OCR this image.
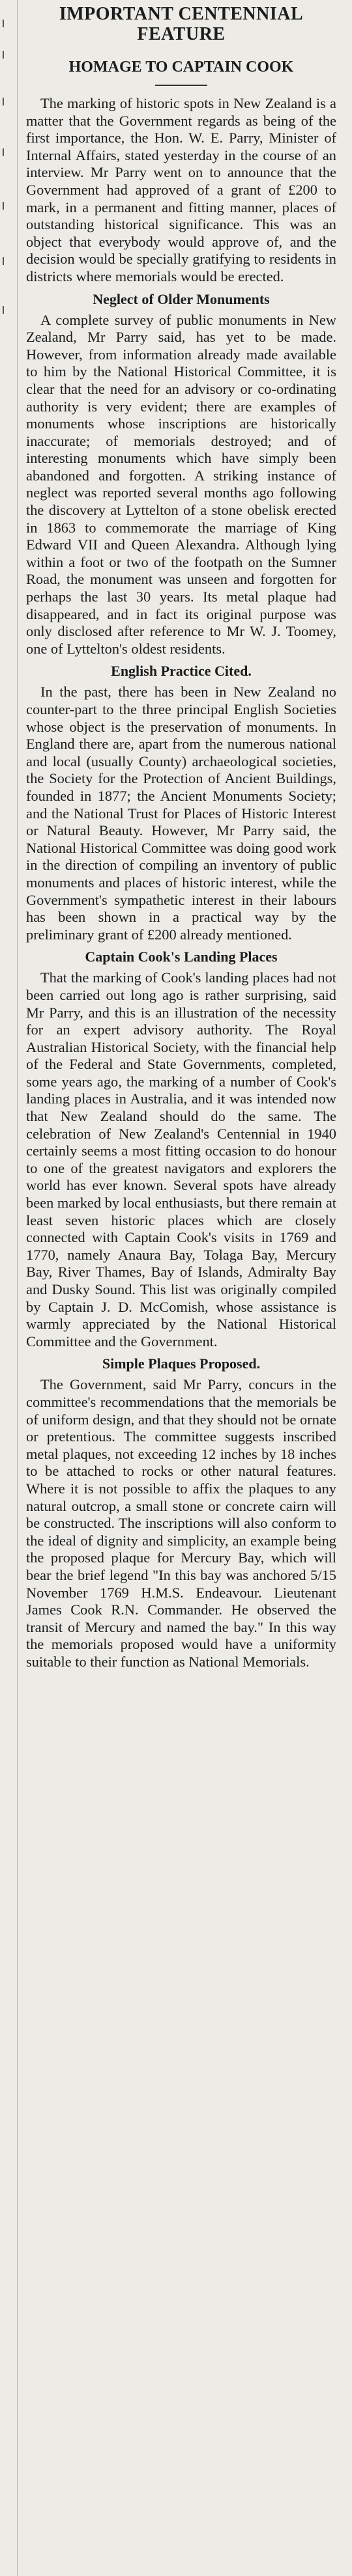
IMPORTANT CENTENNIAL FEATURE
HOMAGE TO CAPTAIN COOK

The marking of historic spots in New Zealand is a matter that the Government regards as being of the first importance, the Hon. W. E. Parry, Minister of Internal Affairs, stated yesterday in the course of an interview. Mr Parry went on to announce that the Government had approved of a grant of £200 to mark, in a permanent and fitting manner, places of outstanding historical significance. This was an object that everybody would approve of, and the decision would be specially gratifying to residents in districts where memorials would be erected.

Neglect of Older Monuments

A complete survey of public monuments in New Zealand, Mr Parry said, has yet to be made. However, from information already made available to him by the National Historical Committee, it is clear that the need for an advisory or co-ordinating authority is very evident; there are examples of monuments whose inscriptions are historically inaccurate; of memorials destroyed; and of interesting monuments which have simply been abandoned and forgotten. A striking instance of neglect was reported several months ago following the discovery at Lyttelton of a stone obelisk erected in 1863 to commemorate the marriage of King Edward VII and Queen Alexandra. Although lying within a foot or two of the footpath on the Sumner Road, the monument was unseen and forgotten for perhaps the last 30 years. Its metal plaque had disappeared, and in fact its original purpose was only disclosed after reference to Mr W. J. Toomey, one of Lyttelton's oldest residents.

English Practice Cited.

In the past, there has been in New Zealand no counter-part to the three principal English Societies whose object is the preservation of monuments. In England there are, apart from the numerous national and local (usually County) archaeological societies, the Society for the Protection of Ancient Buildings, founded in 1877; the Ancient Monuments Society; and the National Trust for Places of Historic Interest or Natural Beauty. However, Mr Parry said, the National Historical Committee was doing good work in the direction of compiling an inventory of public monuments and places of historic interest, while the Government's sympathetic interest in their labours has been shown in a practical way by the preliminary grant of £200 already mentioned.

Captain Cook's Landing Places

That the marking of Cook's landing places had not been carried out long ago is rather surprising, said Mr Parry, and this is an illustration of the necessity for an expert advisory authority. The Royal Australian Historical Society, with the financial help of the Federal and State Governments, completed, some years ago, the marking of a number of Cook's landing places in Australia, and it was intended now that New Zealand should do the same. The celebration of New Zealand's Centennial in 1940 certainly seems a most fitting occasion to do honour to one of the greatest navigators and explorers the world has ever known. Several spots have already been marked by local enthusiasts, but there remain at least seven historic places which are closely connected with Captain Cook's visits in 1769 and 1770, namely Anaura Bay, Tolaga Bay, Mercury Bay, River Thames, Bay of Islands, Admiralty Bay and Dusky Sound. This list was originally compiled by Captain J. D. McComish, whose assistance is warmly appreciated by the National Historical Committee and the Government.

Simple Plaques Proposed.

The Government, said Mr Parry, concurs in the committee's recommendations that the memorials be of uniform design, and that they should not be ornate or pretentious. The committee suggests inscribed metal plaques, not exceeding 12 inches by 18 inches to be attached to rocks or other natural features. Where it is not possible to affix the plaques to any natural outcrop, a small stone or concrete cairn will be constructed. The inscriptions will also conform to the ideal of dignity and simplicity, an example being the proposed plaque for Mercury Bay, which will bear the brief legend "In this bay was anchored 5/15 November 1769 H.M.S. Endeavour. Lieutenant James Cook R.N. Commander. He observed the transit of Mercury and named the bay." In this way the memorials proposed would have a uniformity suitable to their function as National Memorials.
